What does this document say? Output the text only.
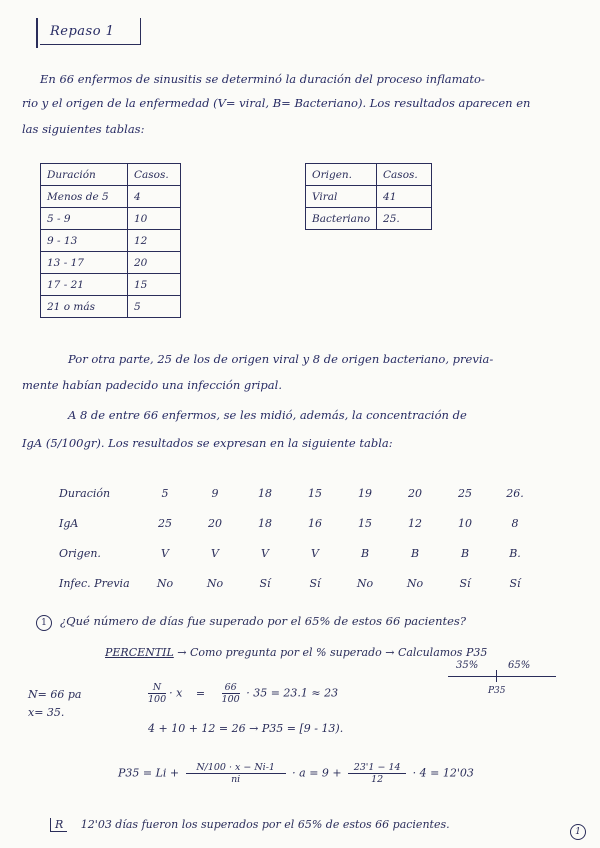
Repaso 1
En 66 enfermos de sinusitis se determinó la duración del proceso inflamato-
rio y el origen de la enfermedad (V= viral, B= Bacteriano). Los resultados aparecen en
las siguientes tablas:
Duración	Casos.
Menos de 5	4
5 - 9	10
9 - 13	12
13 - 17	20
17 - 21	15
21 o más	5
Origen.	Casos.
Viral	41
Bacteriano	25.
Por otra parte, 25 de los de origen viral y 8 de origen bacteriano, previa-
mente habían padecido una infección gripal.
A 8 de entre 66 enfermos, se les midió, además, la concentración de
IgA (5/100gr). Los resultados se expresan en la siguiente tabla:
Duración	5	9	18	15	19	20	25	26.
IgA	25	20	18	16	15	12	10	8
Origen.	V	V	V	V	B	B	B	B.
Infec. Previa	No	No	Sí	Sí	No	No	Sí	Sí
1 ¿Qué número de días fue superado por el 65% de estos 66 pacientes?
PERCENTIL → Como pregunta por el % superado → Calculamos P35
35%	65%
P35
N= 66 pa
x= 35.
$\frac{N}{100} \cdot x = \frac{66}{100} \cdot 35 = 23.1 \approx 23$
4 + 10 + 12 = 26 → P35 = [9 - 13).
$P35 = Li + \frac{N/100 \cdot x - Ni-1}{ni} \cdot a = 9 + \frac{23'1 - 14}{12} \cdot 4 = 12'03$
R 12'03 días fueron los superados por el 65% de estos 66 pacientes.
1
